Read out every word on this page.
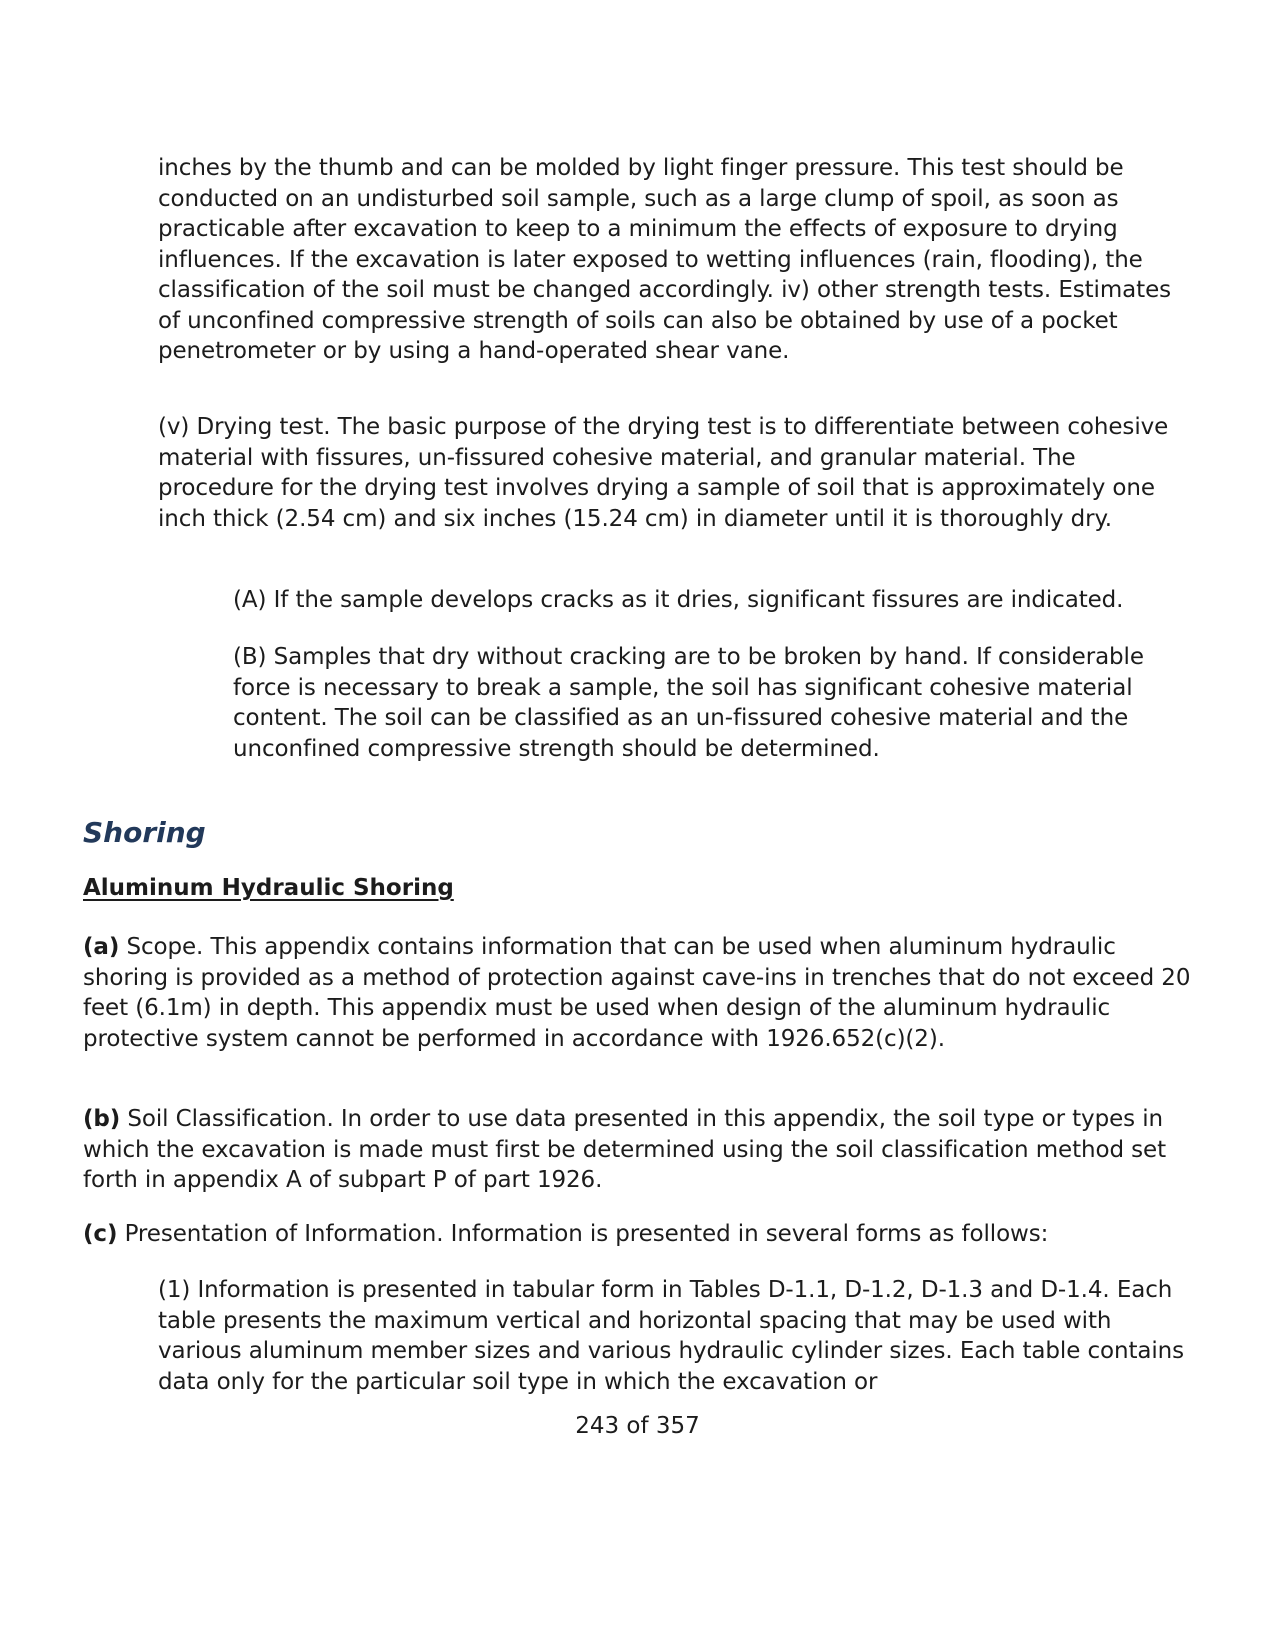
inches by the thumb and can be molded by light finger pressure. This test should be conducted on an undisturbed soil sample, such as a large clump of spoil, as soon as practicable after excavation to keep to a minimum the effects of exposure to drying influences. If the excavation is later exposed to wetting influences (rain, flooding), the classification of the soil must be changed accordingly. iv) other strength tests. Estimates of unconfined compressive strength of soils can also be obtained by use of a pocket penetrometer or by using a hand-operated shear vane.

(v) Drying test. The basic purpose of the drying test is to differentiate between cohesive material with fissures, un-fissured cohesive material, and granular material. The procedure for the drying test involves drying a sample of soil that is approximately one inch thick (2.54 cm) and six inches (15.24 cm) in diameter until it is thoroughly dry.

(A) If the sample develops cracks as it dries, significant fissures are indicated.

(B) Samples that dry without cracking are to be broken by hand. If considerable force is necessary to break a sample, the soil has significant cohesive material content. The soil can be classified as an un-fissured cohesive material and the unconfined compressive strength should be determined.

Shoring
Aluminum Hydraulic Shoring

(a) Scope. This appendix contains information that can be used when aluminum hydraulic shoring is provided as a method of protection against cave-ins in trenches that do not exceed 20 feet (6.1m) in depth. This appendix must be used when design of the aluminum hydraulic protective system cannot be performed in accordance with 1926.652(c)(2).

(b) Soil Classification. In order to use data presented in this appendix, the soil type or types in which the excavation is made must first be determined using the soil classification method set forth in appendix A of subpart P of part 1926.

(c) Presentation of Information. Information is presented in several forms as follows:

(1) Information is presented in tabular form in Tables D-1.1, D-1.2, D-1.3 and D-1.4. Each table presents the maximum vertical and horizontal spacing that may be used with various aluminum member sizes and various hydraulic cylinder sizes. Each table contains data only for the particular soil type in which the excavation or

243 of 357
